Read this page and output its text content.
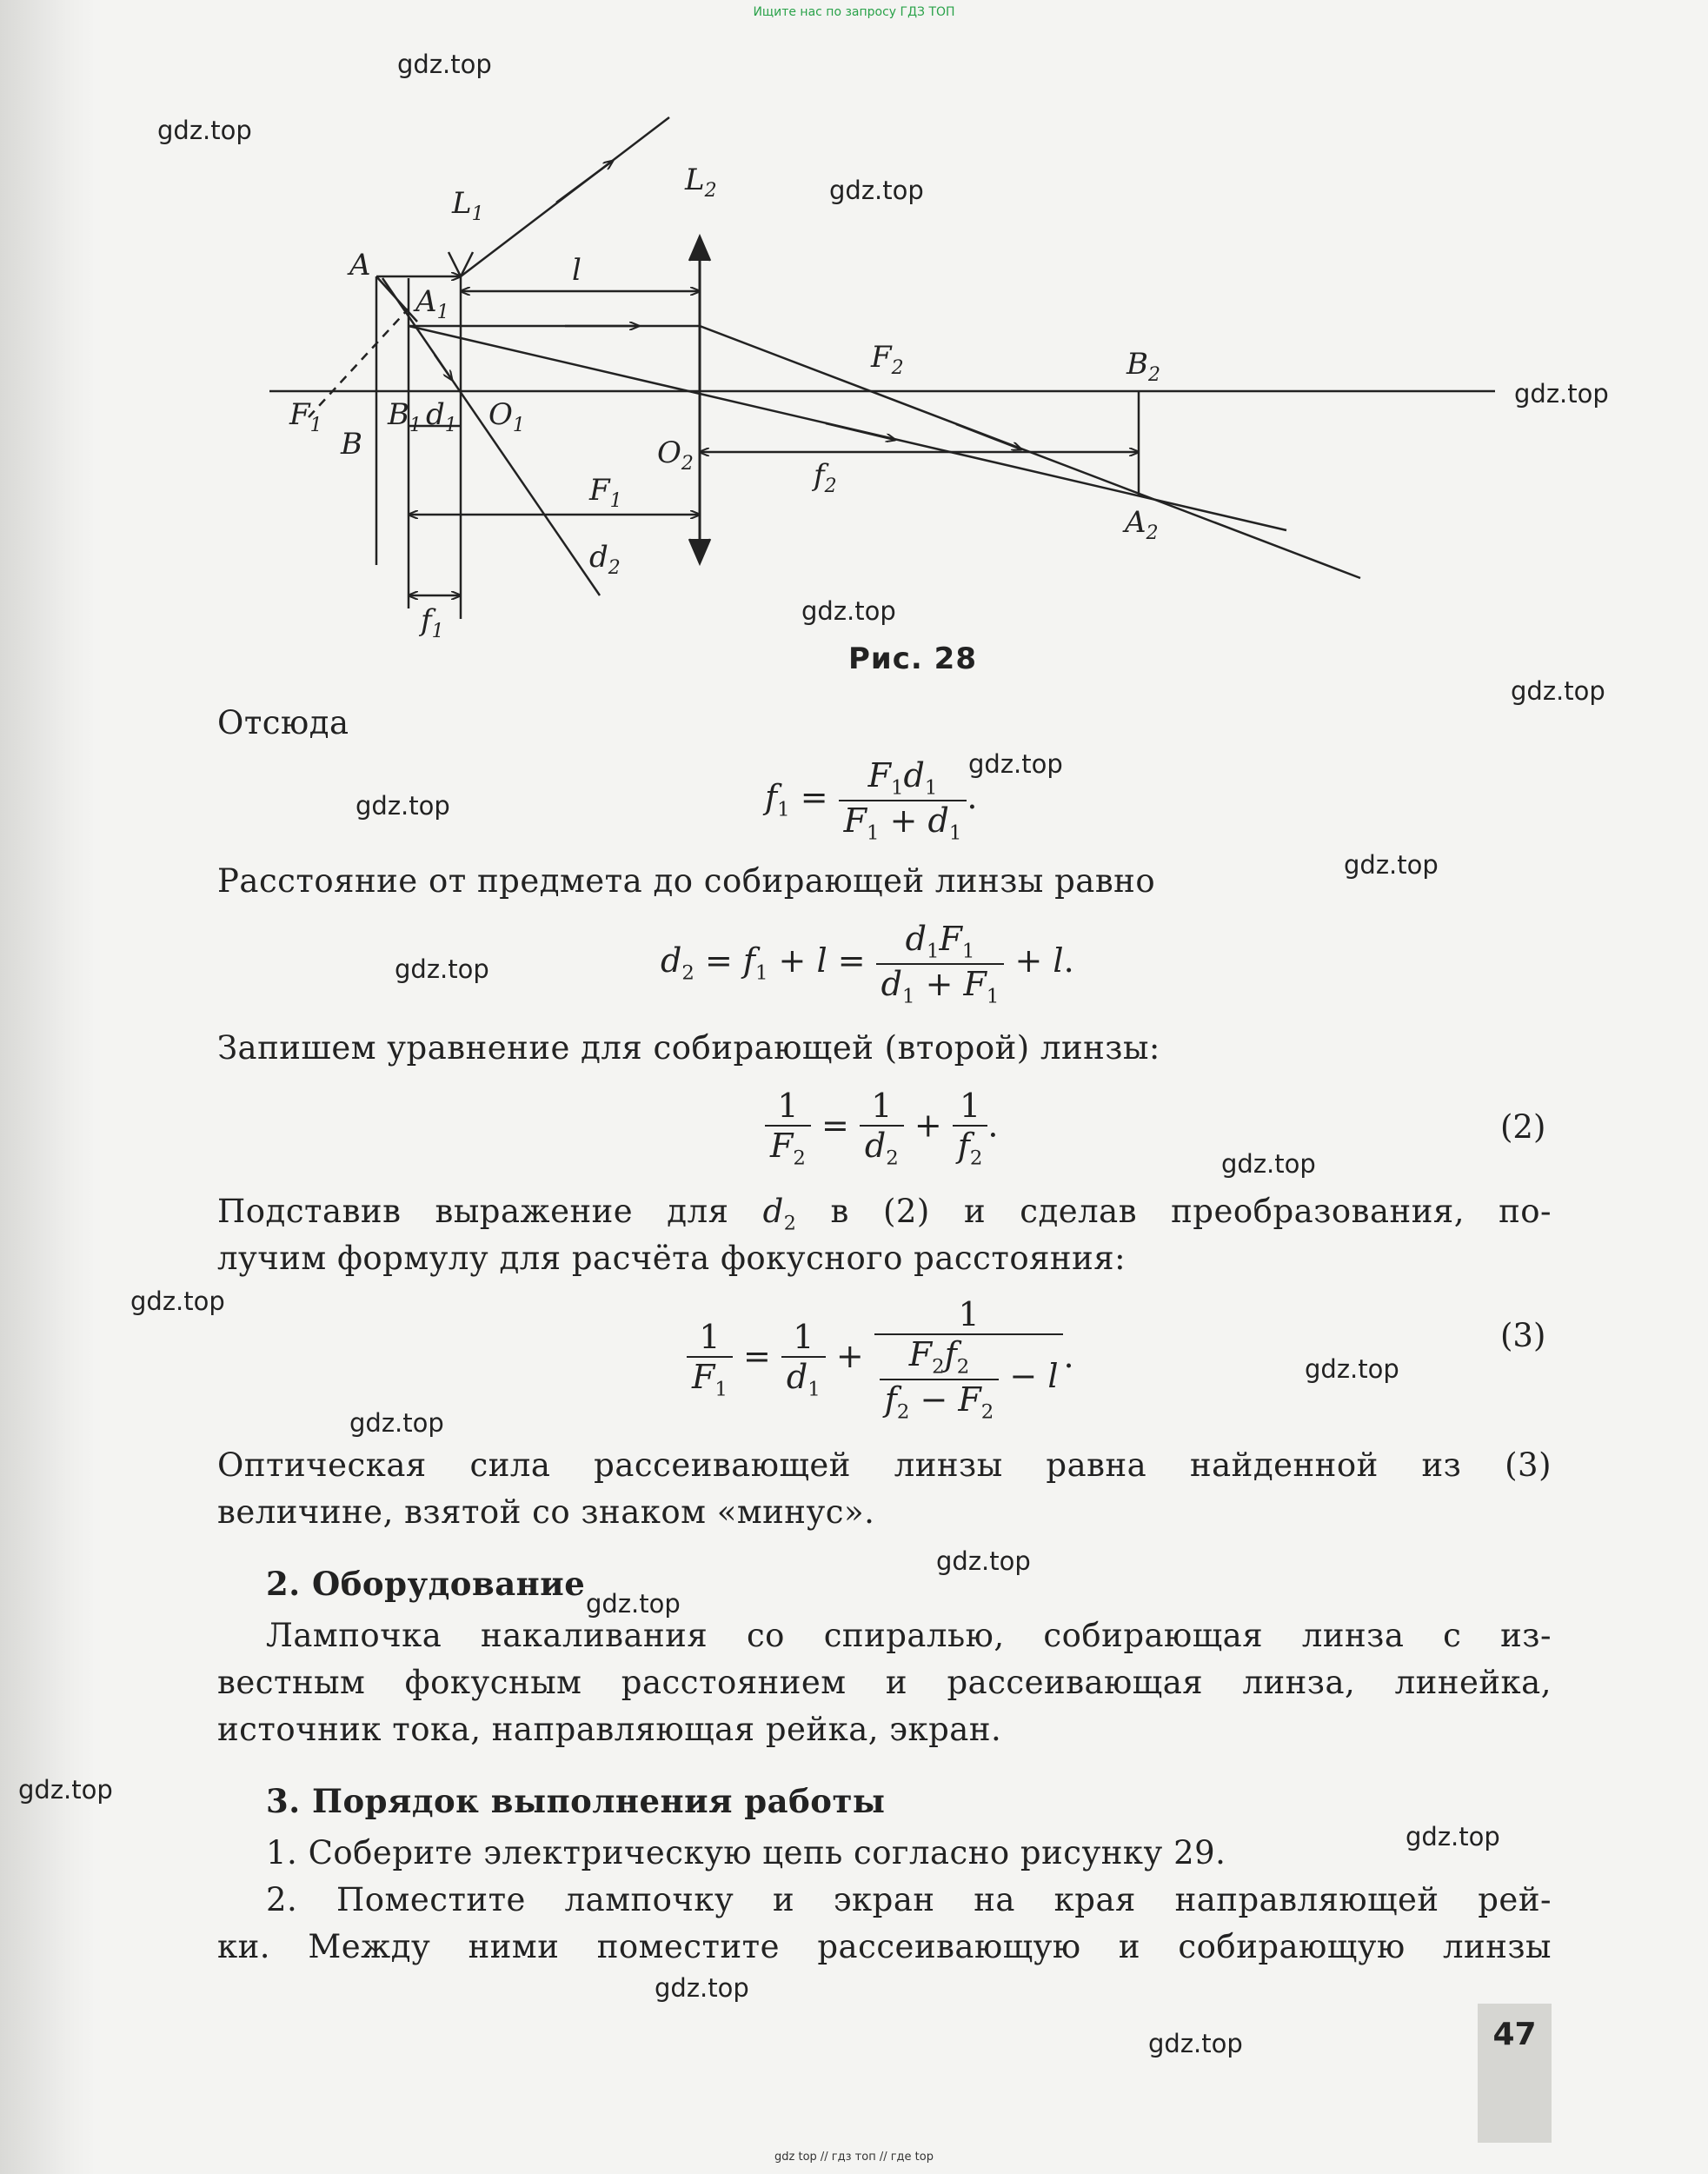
Ищите нас по запросу ГДЗ ТОП
gdz.top
gdz.top
gdz.top
gdz.top
gdz.top
gdz.top
gdz.top
gdz.top
gdz.top
gdz.top
gdz.top
gdz.top
gdz.top
gdz.top
gdz.top
gdz.top
gdz.top
gdz.top
gdz.top
gdz.top
A
$A_1$
$L_1$
$L_2$
l
$F_1$
B
$B_1$ $d_1$ $O_1$
$F_2$	$B_2$
$O_2$	$f_2$
$F_1$
$A_2$
$d_2$
$f_1$
Рис. 28
Отсюда
$f_1 = \frac{F_1d_1}{F_1 + d_1}$ .
Расстояние от предмета до собирающей линзы равно
$d_2 = f_1 + l = \frac{d_1F_1}{d_1 + F_1} + l$.
Запишем уравнение для собирающей (второй) линзы:
$\frac{1}{F_2} = \frac{1}{d_2} + \frac{1}{f_2}$ .	(2)
Подставив выражение для $d_2$ в (2) и сделав преобразования, по-
лучим формулу для расчёта фокусного расстояния:
$\frac{1}{F_1} = \frac{1}{d_1} + \frac{1}{\frac{F_2f_2}{f_2 - F_2} - l}$ .
(3)
Оптическая сила рассеивающей линзы равна найденной из (3)
величине, взятой со знаком «минус».
2. Оборудование
Лампочка накаливания со спиралью, собирающая линза с из-
вестным фокусным расстоянием и рассеивающая линза, линейка,
источник тока, направляющая рейка, экран.
3. Порядок выполнения работы
1. Соберите электрическую цепь согласно рисунку 29.
2. Поместите лампочку и экран на края направляющей рей-
ки. Между ними поместите рассеивающую и собирающую линзы
47
gdz top // гдз топ // где top
